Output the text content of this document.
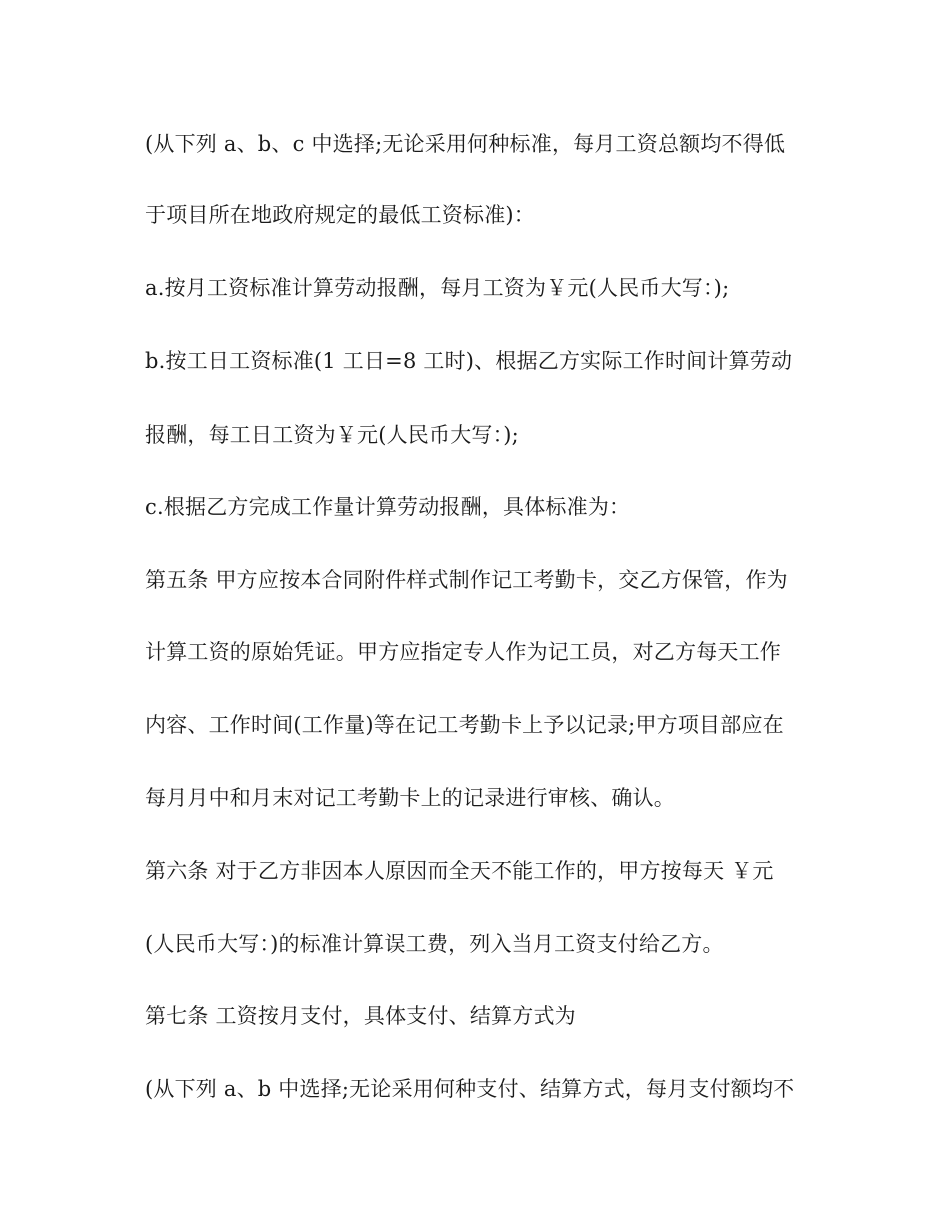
(从下列 a、b、c 中选择;无论采用何种标准，每月工资总额均不得低

于项目所在地政府规定的最低工资标准)：

a.按月工资标准计算劳动报酬，每月工资为￥元(人民币大写：);

b.按工日工资标准(1 工日=8 工时)、根据乙方实际工作时间计算劳动

报酬，每工日工资为￥元(人民币大写：);

c.根据乙方完成工作量计算劳动报酬，具体标准为：

第五条 甲方应按本合同附件样式制作记工考勤卡，交乙方保管，作为

计算工资的原始凭证。甲方应指定专人作为记工员，对乙方每天工作

内容、工作时间(工作量)等在记工考勤卡上予以记录;甲方项目部应在

每月月中和月末对记工考勤卡上的记录进行审核、确认。

第六条 对于乙方非因本人原因而全天不能工作的，甲方按每天 ￥元

(人民币大写：)的标准计算误工费，列入当月工资支付给乙方。

第七条 工资按月支付，具体支付、结算方式为

(从下列 a、b 中选择;无论采用何种支付、结算方式，每月支付额均不
